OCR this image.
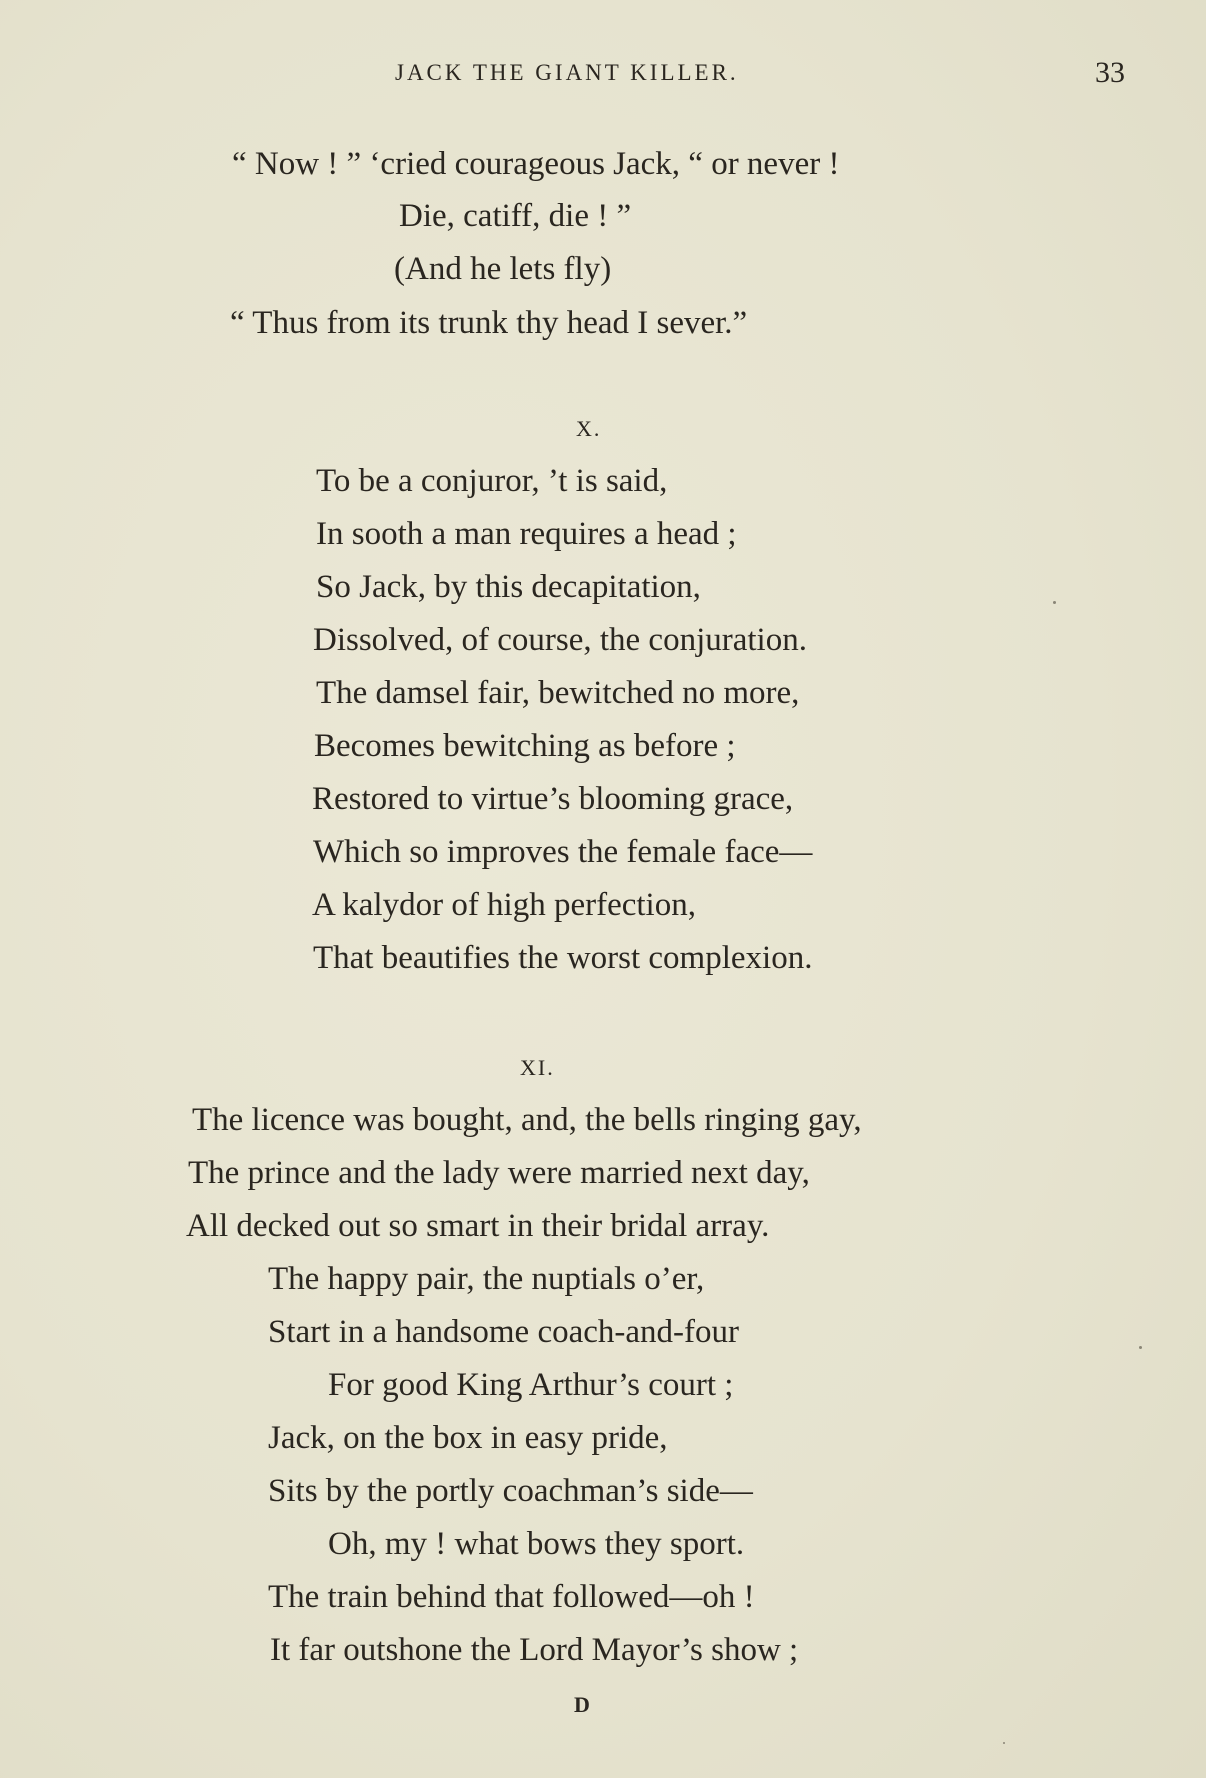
JACK THE GIANT KILLER.	33
“ Now ! ” ‘cried courageous Jack, “ or never !
Die, catiff, die ! ”
(And he lets fly)
“ Thus from its trunk thy head I sever.”
X.
To be a conjuror, ’t is said,
In sooth a man requires a head ;
So Jack, by this decapitation,
Dissolved, of course, the conjuration.
The damsel fair, bewitched no more,
Becomes bewitching as before ;
Restored to virtue’s blooming grace,
Which so improves the female face—
A kalydor of high perfection,
That beautifies the worst complexion.
XI.
The licence was bought, and, the bells ringing gay,
The prince and the lady were married next day,
All decked out so smart in their bridal array.
The happy pair, the nuptials o’er,
Start in a handsome coach-and-four
For good King Arthur’s court ;
Jack, on the box in easy pride,
Sits by the portly coachman’s side—
Oh, my ! what bows they sport.
The train behind that followed—oh !
It far outshone the Lord Mayor’s show ;
D
